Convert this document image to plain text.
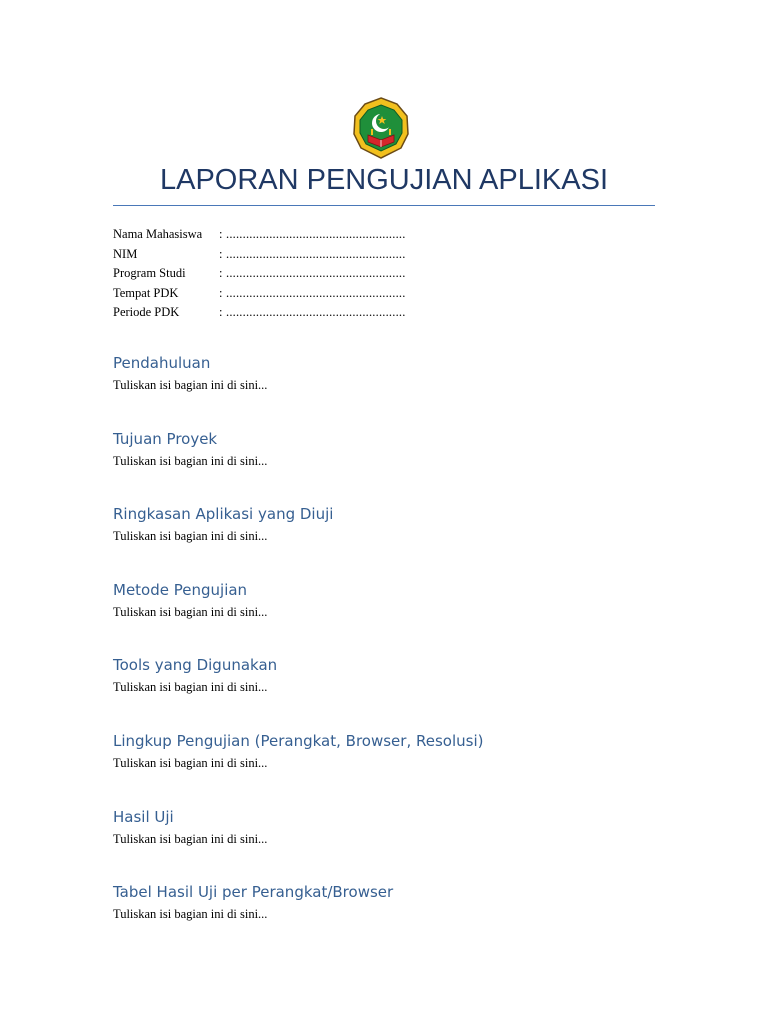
LAPORAN PENGUJIAN APLIKASI
Nama Mahasiswa	: ......................................................
NIM	: ......................................................
Program Studi	: ......................................................
Tempat PDK	: ......................................................
Periode PDK	: ......................................................
Pendahuluan
Tuliskan isi bagian ini di sini...
Tujuan Proyek
Tuliskan isi bagian ini di sini...
Ringkasan Aplikasi yang Diuji
Tuliskan isi bagian ini di sini...
Metode Pengujian
Tuliskan isi bagian ini di sini...
Tools yang Digunakan
Tuliskan isi bagian ini di sini...
Lingkup Pengujian (Perangkat, Browser, Resolusi)
Tuliskan isi bagian ini di sini...
Hasil Uji
Tuliskan isi bagian ini di sini...
Tabel Hasil Uji per Perangkat/Browser
Tuliskan isi bagian ini di sini...
